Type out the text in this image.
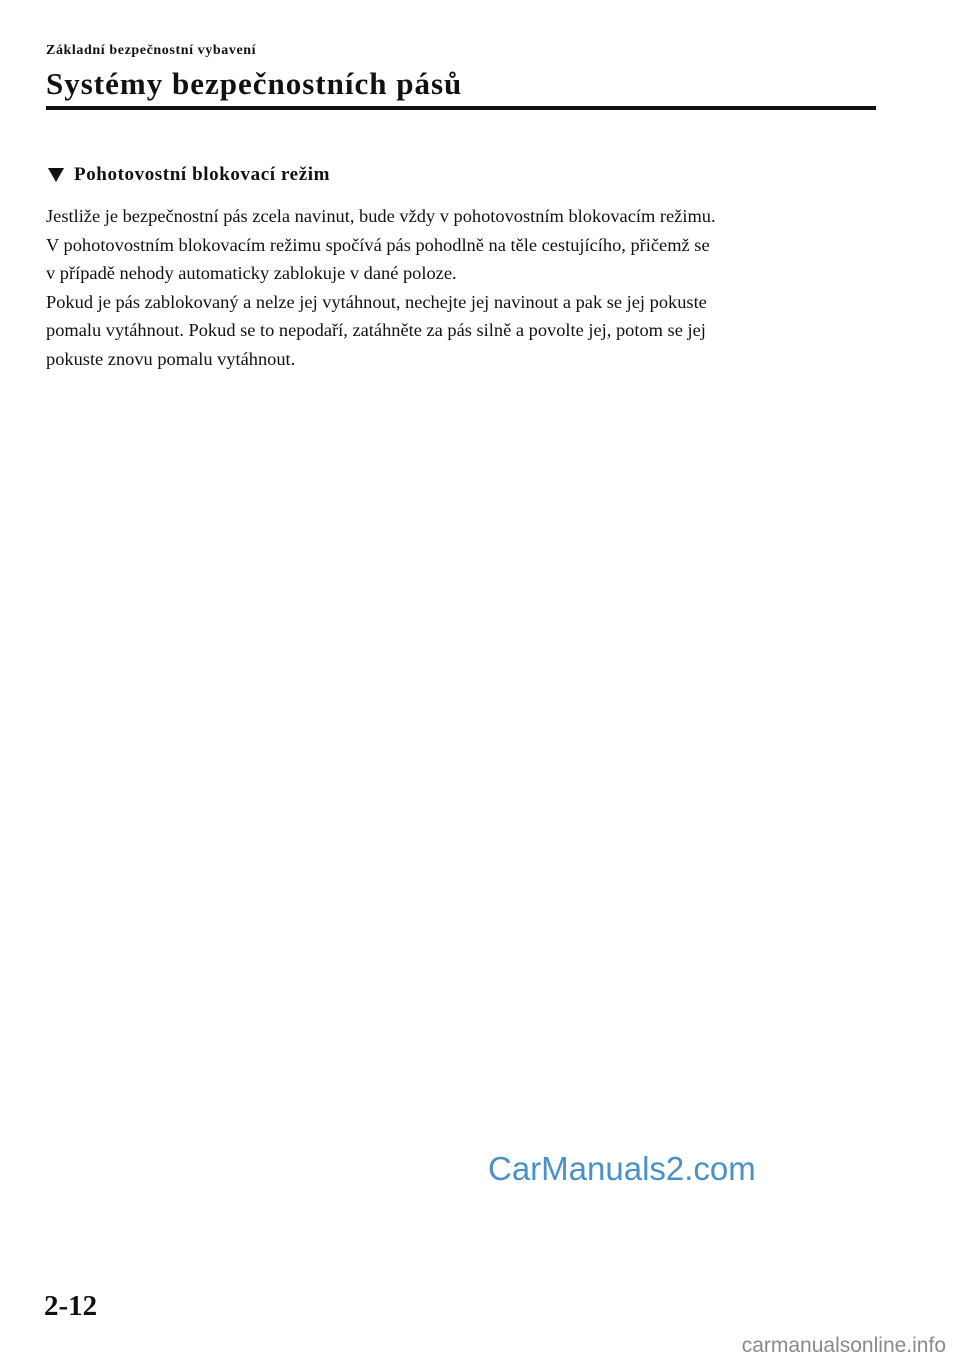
Základní bezpečnostní vybavení
Systémy bezpečnostních pásů
Pohotovostní blokovací režim

Jestliže je bezpečnostní pás zcela navinut, bude vždy v pohotovostním blokovacím režimu.

V pohotovostním blokovacím režimu spočívá pás pohodlně na těle cestujícího, přičemž se

v případě nehody automaticky zablokuje v dané poloze.

Pokud je pás zablokovaný a nelze jej vytáhnout, nechejte jej navinout a pak se jej pokuste

pomalu vytáhnout. Pokud se to nepodaří, zatáhněte za pás silně a povolte jej, potom se jej

pokuste znovu pomalu vytáhnout.

CarManuals2.com
2-12
carmanualsonline.info
